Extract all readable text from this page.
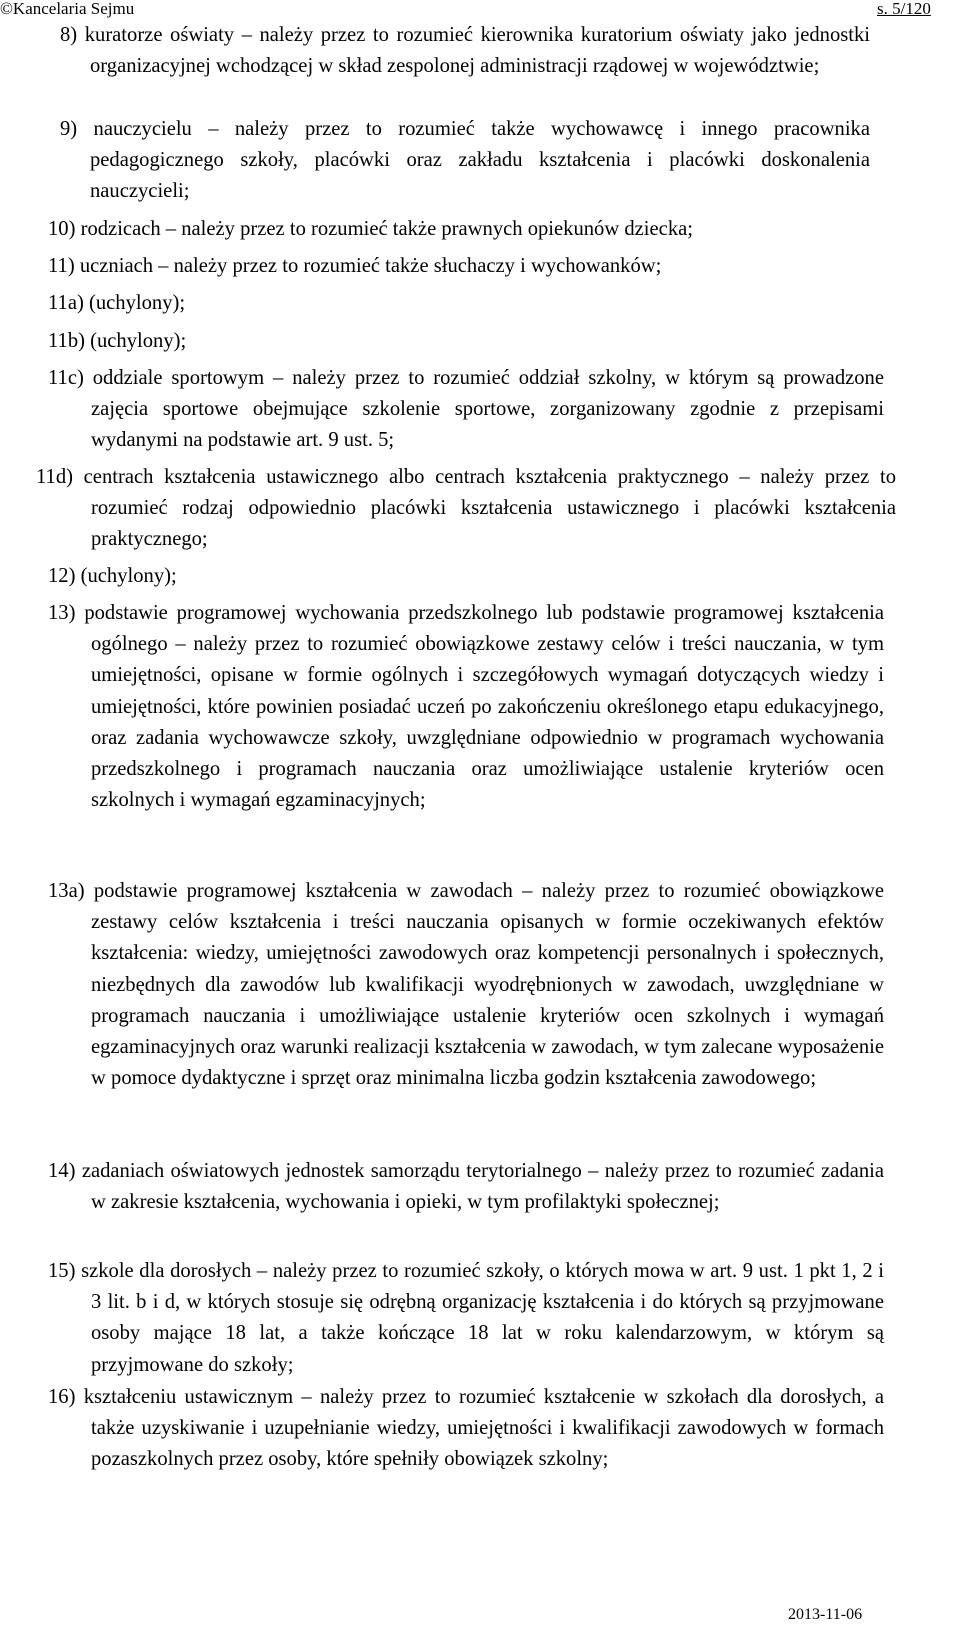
©Kancelaria Sejmu	s. 5/120
8) kuratorze oświaty – należy przez to rozumieć kierownika kuratorium oświaty jako jednostki organizacyjnej wchodzącej w skład zespolonej administracji rządowej w województwie;
9) nauczycielu – należy przez to rozumieć także wychowawcę i innego pracownika pedagogicznego szkoły, placówki oraz zakładu kształcenia i placówki doskonalenia nauczycieli;
10) rodzicach – należy przez to rozumieć także prawnych opiekunów dziecka;
11) uczniach – należy przez to rozumieć także słuchaczy i wychowanków;
11a) (uchylony);
11b) (uchylony);
11c) oddziale sportowym – należy przez to rozumieć oddział szkolny, w którym są prowadzone zajęcia sportowe obejmujące szkolenie sportowe, zorganizowany zgodnie z przepisami wydanymi na podstawie art. 9 ust. 5;
11d) centrach kształcenia ustawicznego albo centrach kształcenia praktycznego – należy przez to rozumieć rodzaj odpowiednio placówki kształcenia ustawicznego i placówki kształcenia praktycznego;
12) (uchylony);
13) podstawie programowej wychowania przedszkolnego lub podstawie programowej kształcenia ogólnego – należy przez to rozumieć obowiązkowe zestawy celów i treści nauczania, w tym umiejętności, opisane w formie ogólnych i szczegółowych wymagań dotyczących wiedzy i umiejętności, które powinien posiadać uczeń po zakończeniu określonego etapu edukacyjnego, oraz zadania wychowawcze szkoły, uwzględniane odpowiednio w programach wychowania przedszkolnego i programach nauczania oraz umożliwiające ustalenie kryteriów ocen szkolnych i wymagań egzaminacyjnych;
13a) podstawie programowej kształcenia w zawodach – należy przez to rozumieć obowiązkowe zestawy celów kształcenia i treści nauczania opisanych w formie oczekiwanych efektów kształcenia: wiedzy, umiejętności zawodowych oraz kompetencji personalnych i społecznych, niezbędnych dla zawodów lub kwalifikacji wyodrębnionych w zawodach, uwzględniane w programach nauczania i umożliwiające ustalenie kryteriów ocen szkolnych i wymagań egzaminacyjnych oraz warunki realizacji kształcenia w zawodach, w tym zalecane wyposażenie w pomoce dydaktyczne i sprzęt oraz minimalna liczba godzin kształcenia zawodowego;
14) zadaniach oświatowych jednostek samorządu terytorialnego – należy przez to rozumieć zadania w zakresie kształcenia, wychowania i opieki, w tym profilaktyki społecznej;
15) szkole dla dorosłych – należy przez to rozumieć szkoły, o których mowa w art. 9 ust. 1 pkt 1, 2 i 3 lit. b i d, w których stosuje się odrębną organizację kształcenia i do których są przyjmowane osoby mające 18 lat, a także kończące 18 lat w roku kalendarzowym, w którym są przyjmowane do szkoły;
16) kształceniu ustawicznym – należy przez to rozumieć kształcenie w szkołach dla dorosłych, a także uzyskiwanie i uzupełnianie wiedzy, umiejętności i kwalifikacji zawodowych w formach pozaszkolnych przez osoby, które spełniły obowiązek szkolny;
2013-11-06
